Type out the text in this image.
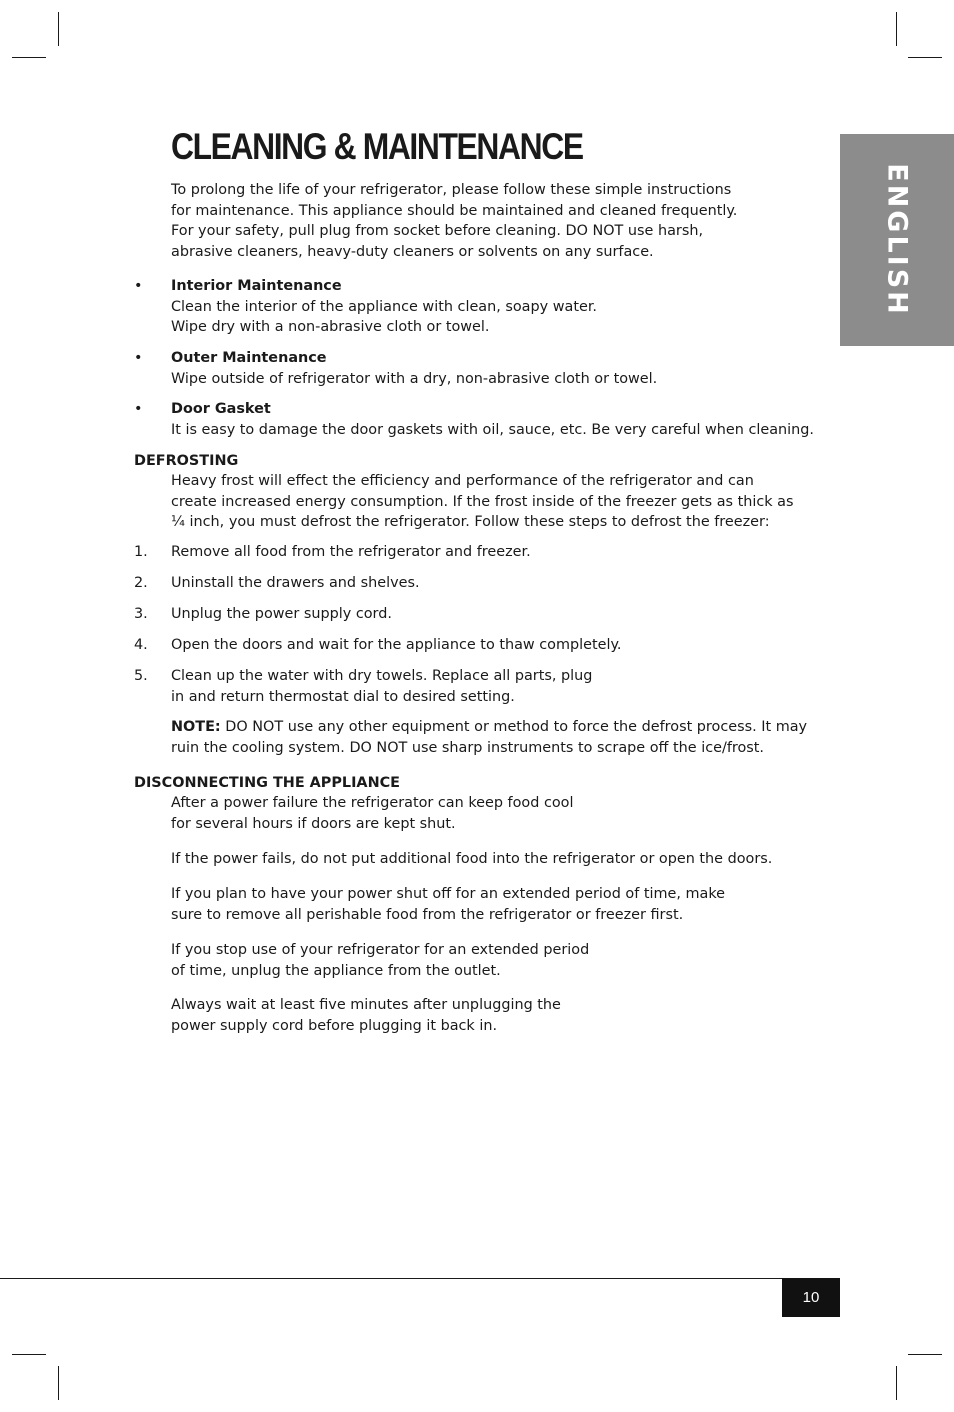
ENGLISH
CLEANING & MAINTENANCE
To prolong the life of your refrigerator, please follow these simple instructions
for maintenance. This appliance should be maintained and cleaned frequently.
For your safety, pull plug from socket before cleaning. DO NOT use harsh,
abrasive cleaners, heavy-duty cleaners or solvents on any surface.
• Interior Maintenance
Clean the interior of the appliance with clean, soapy water.
Wipe dry with a non-abrasive cloth or towel.
• Outer Maintenance
Wipe outside of refrigerator with a dry, non-abrasive cloth or towel.
• Door Gasket
It is easy to damage the door gaskets with oil, sauce, etc. Be very careful when cleaning.
DEFROSTING
Heavy frost will effect the efficiency and performance of the refrigerator and can
create increased energy consumption. If the frost inside of the freezer gets as thick as
¼ inch, you must defrost the refrigerator. Follow these steps to defrost the freezer:
1. Remove all food from the refrigerator and freezer.
2. Uninstall the drawers and shelves.
3. Unplug the power supply cord.
4. Open the doors and wait for the appliance to thaw completely.
5. Clean up the water with dry towels. Replace all parts, plug
in and return thermostat dial to desired setting.
NOTE: DO NOT use any other equipment or method to force the defrost process. It may
ruin the cooling system. DO NOT use sharp instruments to scrape off the ice/frost.
DISCONNECTING THE APPLIANCE
After a power failure the refrigerator can keep food cool
for several hours if doors are kept shut.
If the power fails, do not put additional food into the refrigerator or open the doors.
If you plan to have your power shut off for an extended period of time, make
sure to remove all perishable food from the refrigerator or freezer first.
If you stop use of your refrigerator for an extended period
of time, unplug the appliance from the outlet.
Always wait at least five minutes after unplugging the
power supply cord before plugging it back in.
10
